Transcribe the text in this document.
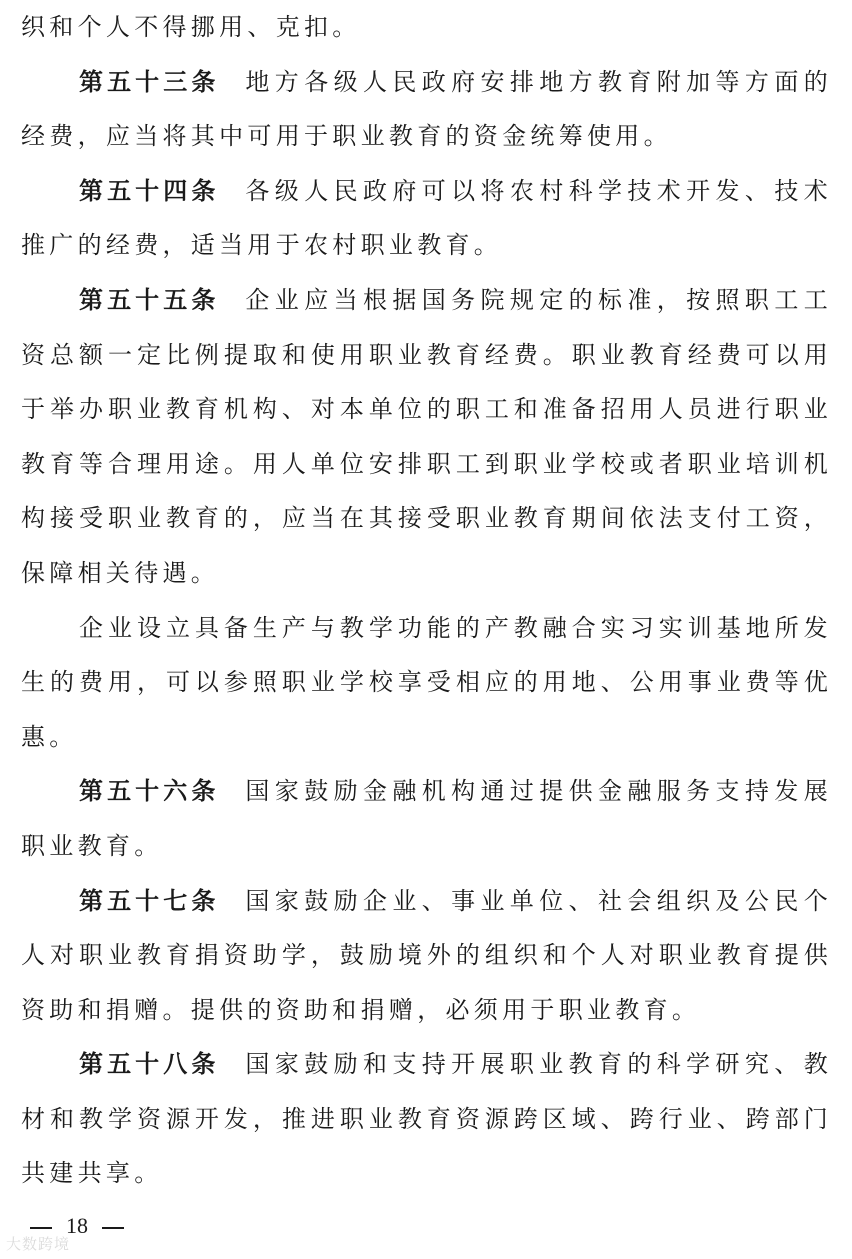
织和个人不得挪用、克扣。

第五十三条 地方各级人民政府安排地方教育附加等方面的经费，应当将其中可用于职业教育的资金统筹使用。

第五十四条 各级人民政府可以将农村科学技术开发、技术推广的经费，适当用于农村职业教育。

第五十五条 企业应当根据国务院规定的标准，按照职工工资总额一定比例提取和使用职业教育经费。职业教育经费可以用于举办职业教育机构、对本单位的职工和准备招用人员进行职业教育等合理用途。用人单位安排职工到职业学校或者职业培训机构接受职业教育的，应当在其接受职业教育期间依法支付工资，保障相关待遇。

企业设立具备生产与教学功能的产教融合实习实训基地所发生的费用，可以参照职业学校享受相应的用地、公用事业费等优惠。

第五十六条 国家鼓励金融机构通过提供金融服务支持发展职业教育。

第五十七条 国家鼓励企业、事业单位、社会组织及公民个人对职业教育捐资助学，鼓励境外的组织和个人对职业教育提供资助和捐赠。提供的资助和捐赠，必须用于职业教育。

第五十八条 国家鼓励和支持开展职业教育的科学研究、教材和教学资源开发，推进职业教育资源跨区域、跨行业、跨部门共建共享。

18
大数跨境
